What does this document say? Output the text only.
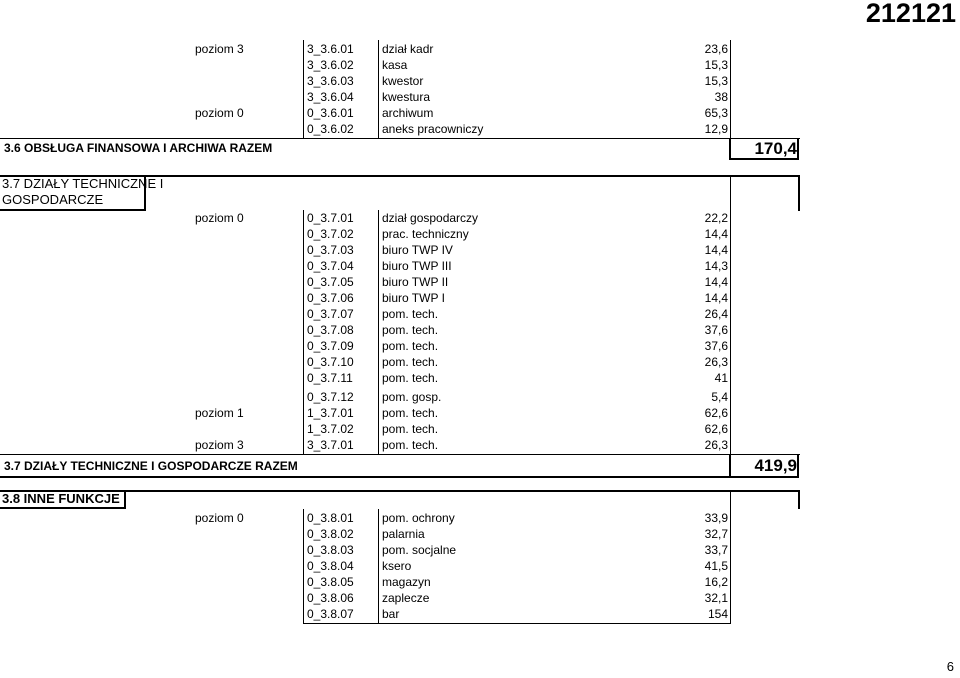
212121
poziom 3	3_3.6.01 dział kadr	23,6
3_3.6.02 kasa	15,3
3_3.6.03 kwestor	15,3
3_3.6.04 kwestura	38
poziom 0	0_3.6.01 archiwum	65,3
0_3.6.02 aneks pracowniczy	12,9
3.6 OBSŁUGA FINANSOWA I ARCHIWA RAZEM	170,4
3.7 DZIAŁY TECHNICZNE I
GOSPODARCZE
poziom 0	0_3.7.01 dział gospodarczy	22,2
0_3.7.02 prac. techniczny	14,4
0_3.7.03 biuro TWP IV	14,4
0_3.7.04 biuro TWP III	14,3
0_3.7.05 biuro TWP II	14,4
0_3.7.06 biuro TWP I	14,4
0_3.7.07 pom. tech.	26,4
0_3.7.08 pom. tech.	37,6
0_3.7.09 pom. tech.	37,6
0_3.7.10 pom. tech.	26,3
0_3.7.11 pom. tech.	41
0_3.7.12 pom. gosp.	5,4
poziom 1	1_3.7.01 pom. tech.	62,6
1_3.7.02 pom. tech.	62,6
poziom 3	3_3.7.01 pom. tech.	26,3
3.7 DZIAŁY TECHNICZNE I GOSPODARCZE RAZEM	419,9
3.8 INNE FUNKCJE
poziom 0	0_3.8.01 pom. ochrony	33,9
0_3.8.02 palarnia	32,7
0_3.8.03 pom. socjalne	33,7
0_3.8.04 ksero	41,5
0_3.8.05 magazyn	16,2
0_3.8.06 zaplecze	32,1
0_3.8.07 bar	154
6
